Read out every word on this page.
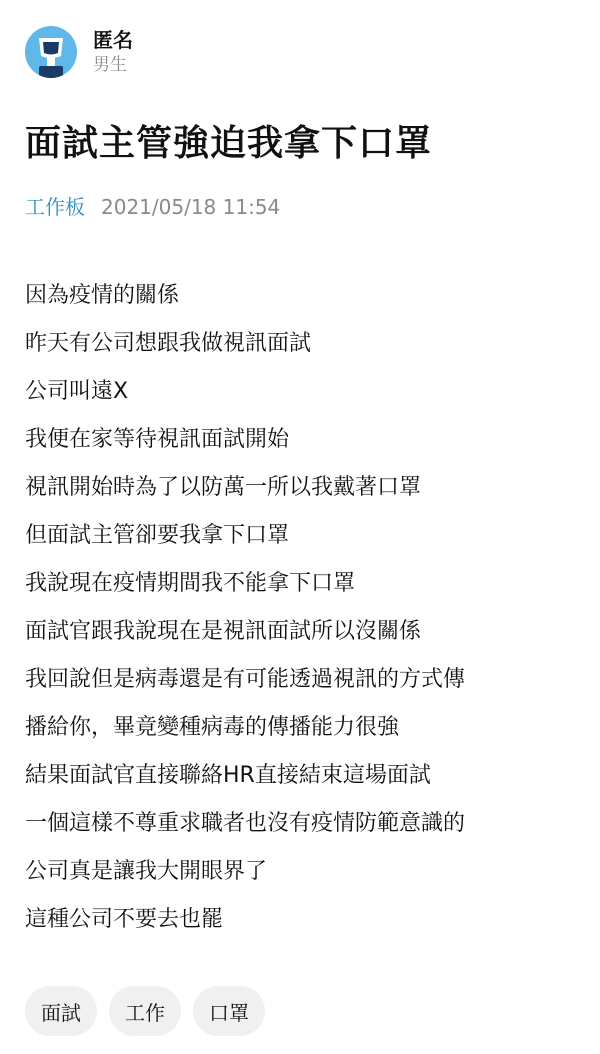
匿名
男生
面試主管強迫我拿下口罩
工作板 2021/05/18 11:54
因為疫情的關係
昨天有公司想跟我做視訊面試
公司叫遠X
我便在家等待視訊面試開始
視訊開始時為了以防萬一所以我戴著口罩
但面試主管卻要我拿下口罩
我說現在疫情期間我不能拿下口罩
面試官跟我說現在是視訊面試所以沒關係
我回說但是病毒還是有可能透過視訊的方式傳
播給你，畢竟變種病毒的傳播能力很強
結果面試官直接聯絡HR直接結束這場面試
一個這樣不尊重求職者也沒有疫情防範意識的
公司真是讓我大開眼界了
這種公司不要去也罷
面試	工作	口罩
